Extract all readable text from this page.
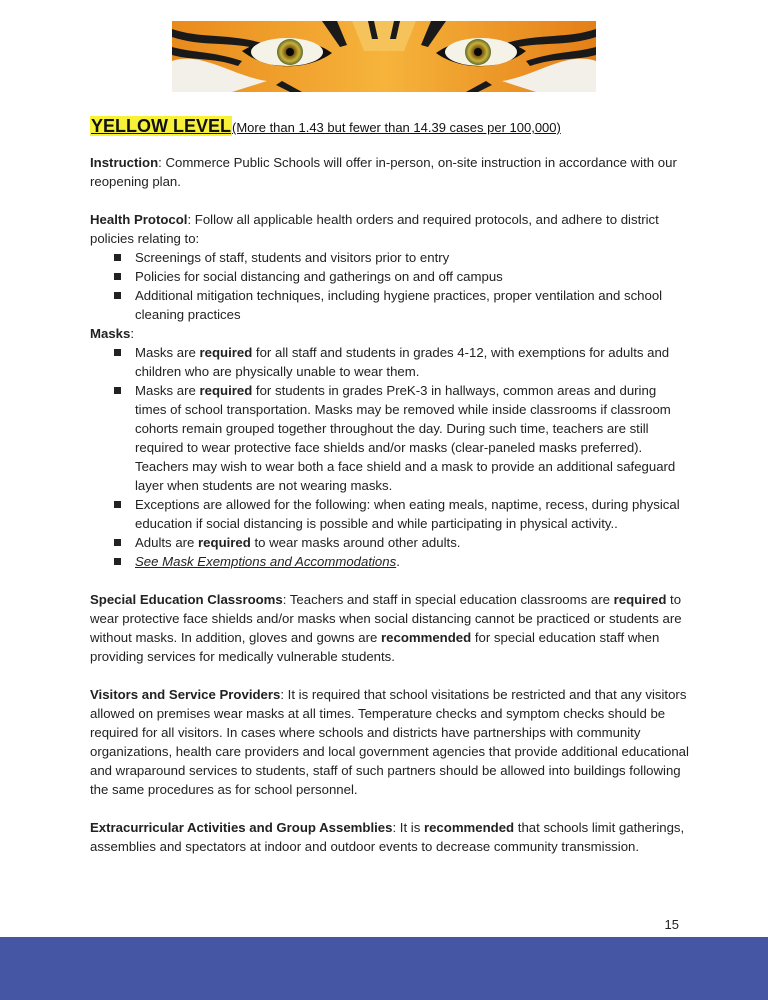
YELLOW LEVEL(More than 1.43 but fewer than 14.39 cases per 100,000)

Instruction: Commerce Public Schools will offer in-person, on-site instruction in accordance with our reopening plan.

Health Protocol: Follow all applicable health orders and required protocols, and adhere to district policies relating to:

Screenings of staff, students and visitors prior to entry
Policies for social distancing and gatherings on and off campus
Additional mitigation techniques, including hygiene practices, proper ventilation and school cleaning practices

Masks:

Masks are required for all staff and students in grades 4-12, with exemptions for adults and children who are physically unable to wear them.
Masks are required for students in grades PreK-3 in hallways, common areas and during times of school transportation. Masks may be removed while inside classrooms if classroom cohorts remain grouped together throughout the day. During such time, teachers are still required to wear protective face shields and/or masks (clear-paneled masks preferred). Teachers may wish to wear both a face shield and a mask to provide an additional safeguard layer when students are not wearing masks.
Exceptions are allowed for the following: when eating meals, naptime, recess, during physical education if social distancing is possible and while participating in physical activity..
Adults are required to wear masks around other adults.
See Mask Exemptions and Accommodations.

Special Education Classrooms: Teachers and staff in special education classrooms are required to wear protective face shields and/or masks when social distancing cannot be practiced or students are without masks. In addition, gloves and gowns are recommended for special education staff when providing services for medically vulnerable students.

Visitors and Service Providers: It is required that school visitations be restricted and that any visitors allowed on premises wear masks at all times. Temperature checks and symptom checks should be required for all visitors. In cases where schools and districts have partnerships with community organizations, health care providers and local government agencies that provide additional educational and wraparound services to students, staff of such partners should be allowed into buildings following the same procedures as for school personnel.

Extracurricular Activities and Group Assemblies: It is recommended that schools limit gatherings, assemblies and spectators at indoor and outdoor events to decrease community transmission.

15
